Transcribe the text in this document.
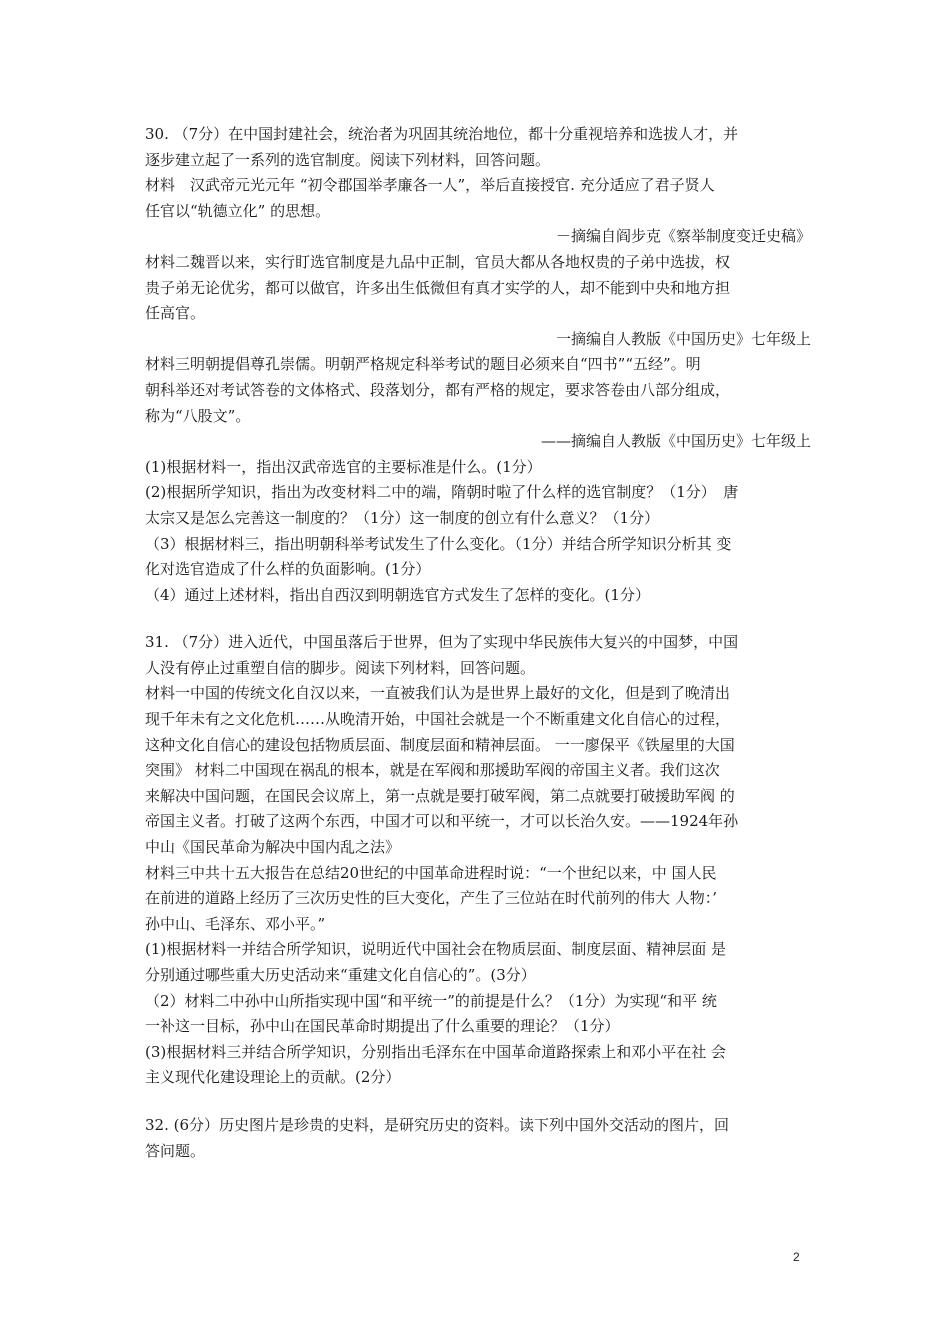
30. （7分）在中国封建社会，统治者为巩固其统治地位，都十分重视培养和选拔人才，并
逐步建立起了一系列的选官制度。阅读下列材料，回答问题。
材料　汉武帝元光元年 “初令郡国举孝廉各一人”，举后直接授官. 充分适应了君子贤人
任官以“轨德立化” 的思想。
－摘编自阎步克《察举制度变迁史稿》
材料二魏晋以来，实行盯选官制度是九品中正制，官员大都从各地权贵的子弟中选拔，权
贵子弟无论优劣，都可以做官，许多出生低微但有真才实学的人，却不能到中央和地方担
任高官。
一摘编自人教版《中国历史》七年级上
材料三明朝提倡尊孔崇儒。明朝严格规定科举考试的题目必须来自“四书”“五经”。明
朝科举还对考试答卷的文体格式、段落划分，都有严格的规定，要求答卷由八部分组成，
称为“八股文”。
——摘编自人教版《中国历史》七年级上
(1)根据材料一，指出汉武帝选官的主要标准是什么。(1分）
(2)根据所学知识，指出为改变材料二中的端，隋朝时啦了什么样的选官制度？（1分）　唐
太宗又是怎么完善这一制度的？（1分）这一制度的创立有什么意义？（1分）
（3）根据材料三，指出明朝科举考试发生了什么变化。（1分）并结合所学知识分析其 变
化对选官造成了什么样的负面影响。(1分）
（4）通过上述材料，指出自西汉到明朝选官方式发生了怎样的变化。(1分）
31. （7分）进入近代，中国虽落后于世界，但为了实现中华民族伟大复兴的中国梦，中国
人没有停止过重塑自信的脚步。阅读下列材料，回答问题。
材料一中国的传统文化自汉以来，一直被我们认为是世界上最好的文化，但是到了晚清出
现千年未有之文化危机……从晚清开始，中国社会就是一个不断重建文化自信心的过程，
这种文化自信心的建设包括物质层面、制度层面和精神层面。 一一廖保平《铁屋里的大国
突围》 材料二中国现在祸乱的根本，就是在军阀和那援助军阀的帝国主义者。我们这次
来解决中国问题，在国民会议席上，第一点就是要打破军阀，第二点就要打破援助军阀 的
帝国主义者。打破了这两个东西，中国才可以和平统一，才可以长治久安。——1924年孙
中山《国民革命为解决中国内乱之法》
材料三中共十五大报告在总结20世纪的中国革命进程时说：“一个世纪以来，中 国人民
在前进的道路上经历了三次历史性的巨大变化，产生了三位站在时代前列的伟大 人物：’
孙中山、毛泽东、邓小平。”
(1)根据材料一并结合所学知识，说明近代中国社会在物质层面、制度层面、精神层面 是
分别通过哪些重大历史活动来“重建文化自信心的”。(3分）
（2）材料二中孙中山所指实现中国“和平统一”的前提是什么？（1分）为实现“和平 统
一补这一目标，孙中山在国民革命时期提出了什么重要的理论？（1分）
(3)根据材料三并结合所学知识，分别指出毛泽东在中国革命道路探索上和邓小平在社 会
主义现代化建设理论上的贡献。(2分）
32. (6分）历史图片是珍贵的史料，是研究历史的资料。读下列中国外交活动的图片，回
答问题。
2
